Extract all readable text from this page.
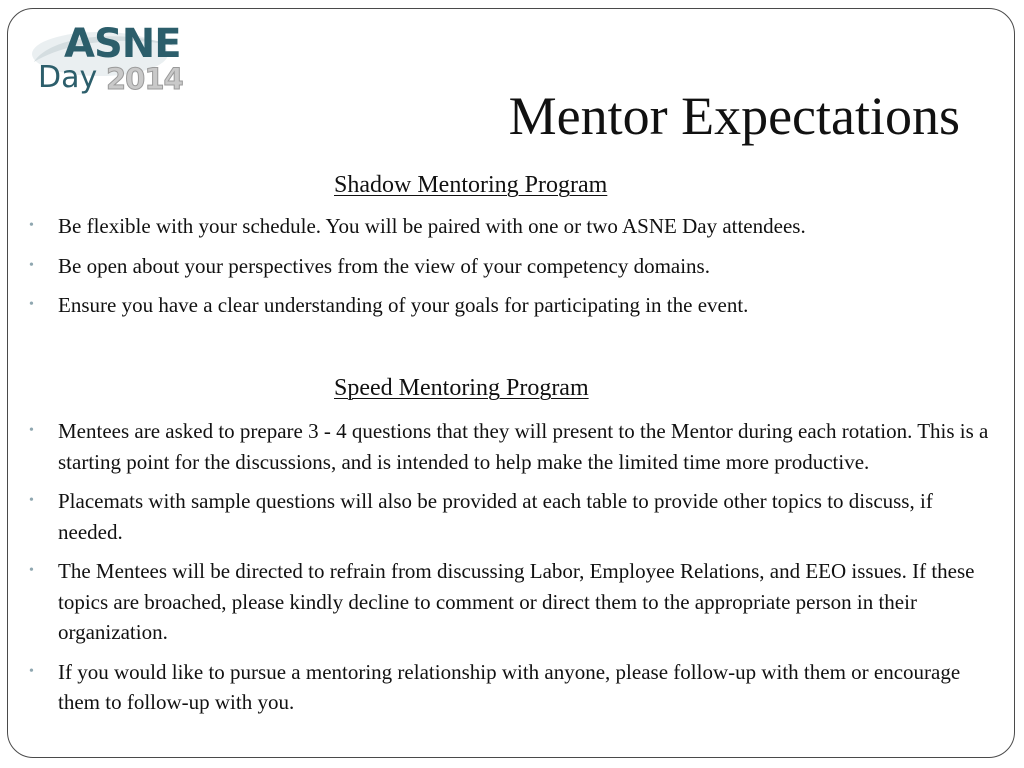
ASNE
Day 2014
Mentor Expectations
Shadow Mentoring Program
• Be flexible with your schedule. You will be paired with one or two ASNE Day attendees.
• Be open about your perspectives from the view of your competency domains.
• Ensure you have a clear understanding of your goals for participating in the event.
Speed Mentoring Program
• Mentees are asked to prepare 3 - 4 questions that they will present to the Mentor during each rotation. This is a starting point for the discussions, and is intended to help make the limited time more productive.
• Placemats with sample questions will also be provided at each table to provide other topics to discuss, if needed.
• The Mentees will be directed to refrain from discussing Labor, Employee Relations, and EEO issues. If these topics are broached, please kindly decline to comment or direct them to the appropriate person in their organization.
• If you would like to pursue a mentoring relationship with anyone, please follow-up with them or encourage them to follow-up with you.
